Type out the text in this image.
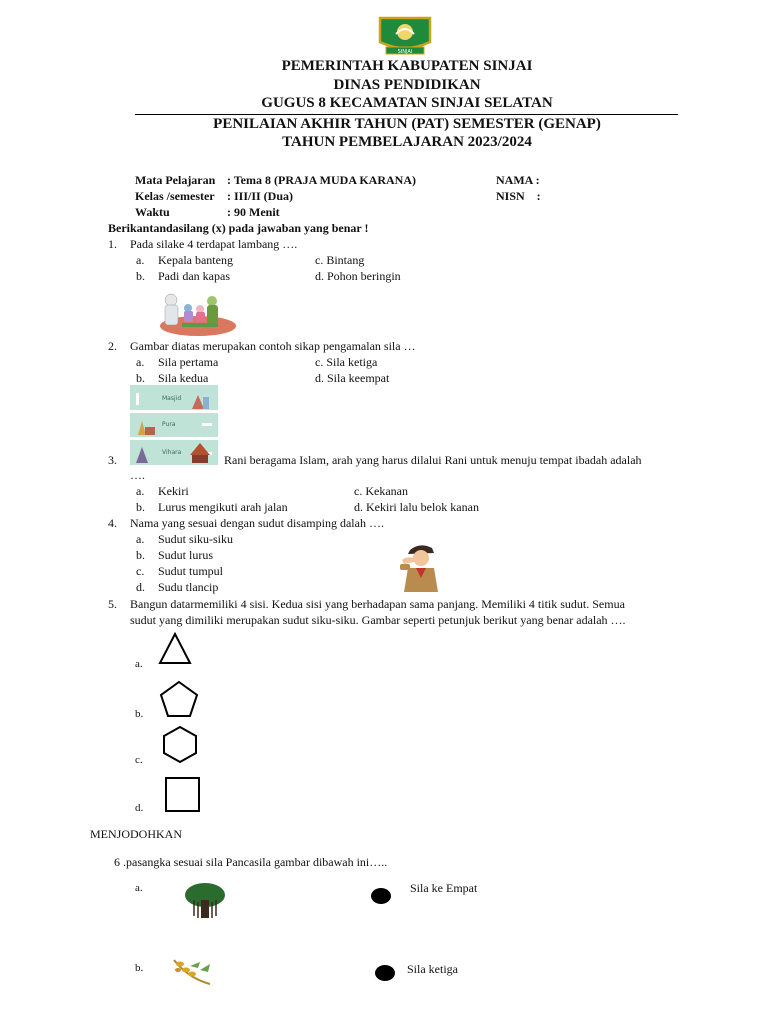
SINJAI
PEMERINTAH KABUPATEN SINJAI
DINAS PENDIDIKAN
GUGUS 8 KECAMATAN SINJAI SELATAN
PENILAIAN AKHIR TAHUN (PAT) SEMESTER (GENAP)
TAHUN PEMBELAJARAN 2023/2024
Mata Pelajaran : Tema 8 (PRAJA MUDA KARANA)	NAMA :
Kelas /semester : III/II (Dua)	NISN    :
Waktu	: 90 Menit
Berikantandasilang (x) pada jawaban yang benar !
1. Pada silake 4 terdapat lambang ….
a. Kepala banteng	c. Bintang
b. Padi dan kapas	d. Pohon beringin
2. Gambar diatas merupakan contoh sikap pengamalan sila …
a. Sila pertama	c. Sila ketiga
b. Sila kedua	d. Sila keempat
Masjid
Pura
Vihara
3.	Rani beragama Islam, arah yang harus dilalui Rani untuk menuju tempat ibadah adalah
….
a. Kekiri	c. Kekanan
b. Lurus mengikuti arah jalan	d. Kekiri lalu belok kanan
4. Nama yang sesuai dengan sudut disamping dalah ….
a. Sudut siku-siku
b. Sudut lurus
c. Sudut tumpul
d. Sudu tlancip
5. Bangun datarmemiliki 4 sisi. Kedua sisi yang berhadapan sama panjang. Memiliki 4 titik sudut. Semua
sudut yang dimiliki merupakan sudut siku-siku. Gambar seperti petunjuk berikut yang benar adalah ….
a.
b.
c.
d.
MENJODOHKAN
6 .pasangka sesuai sila Pancasila gambar dibawah ini…..
a.	Sila ke Empat
b.	Sila ketiga
